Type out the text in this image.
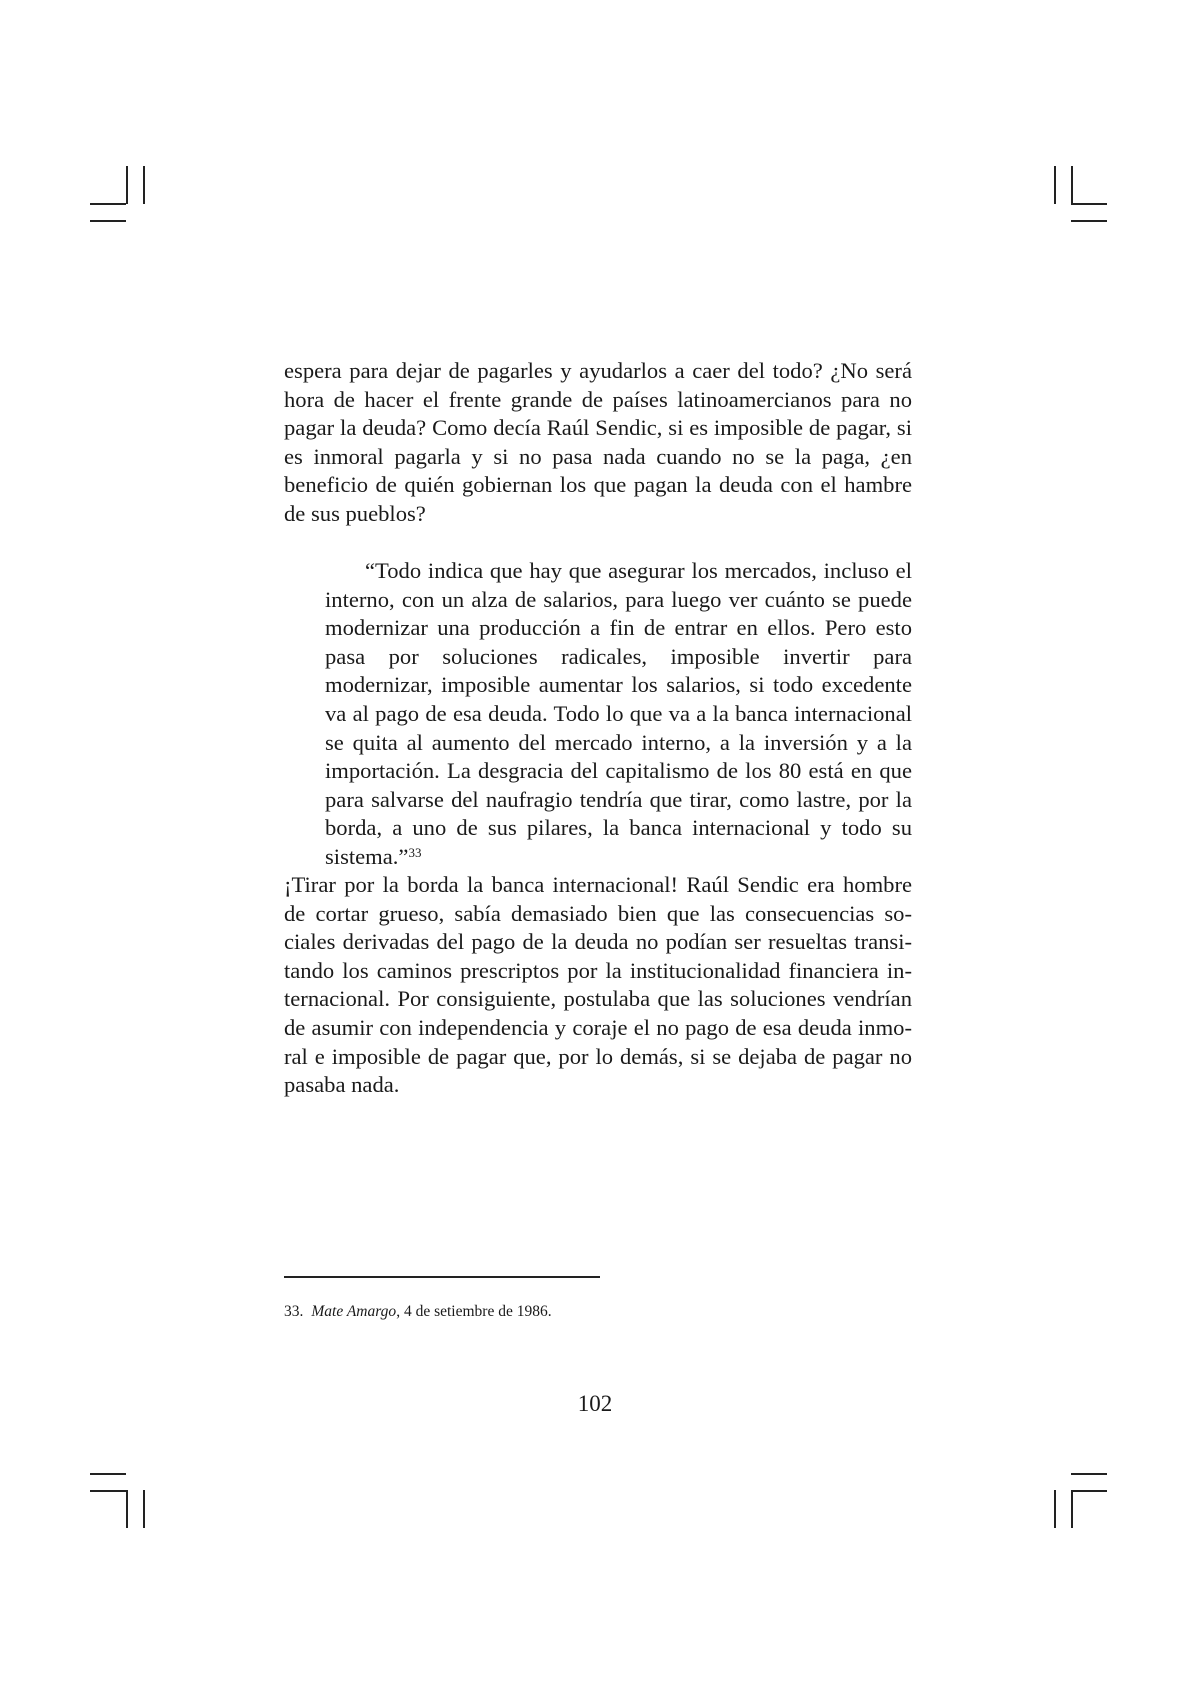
espera para dejar de pagarles y ayudarlos a caer del todo? ¿No será hora de hacer el frente grande de países latinoamercianos para no pagar la deuda? Como decía Raúl Sendic, si es imposible de pagar, si es inmoral pagarla y si no pasa nada cuando no se la paga, ¿en beneficio de quién gobiernan los que pagan la deuda con el hambre de sus pueblos?

“Todo indica que hay que asegurar los mercados, incluso el interno, con un alza de salarios, para luego ver cuánto se puede modernizar una producción a fin de entrar en ellos. Pero esto pasa por soluciones radicales, imposible invertir para modernizar, imposible aumentar los salarios, si todo excedente va al pago de esa deuda. Todo lo que va a la banca internacional se quita al aumento del mercado interno, a la inversión y a la importación. La desgracia del capitalismo de los 80 está en que para salvarse del naufragio tendría que tirar, como lastre, por la borda, a uno de sus pilares, la banca internacional y todo su sistema.”$^{33}$

¡Tirar por la borda la banca internacional! Raúl Sendic era hombre de cortar grueso, sabía demasiado bien que las consecuencias sociales derivadas del pago de la deuda no podían ser resueltas transitando los caminos prescriptos por la institucionalidad financiera internacional. Por consiguiente, postulaba que las soluciones vendrían de asumir con independencia y coraje el no pago de esa deuda inmoral e imposible de pagar que, por lo demás, si se dejaba de pagar no pasaba nada.

33. Mate Amargo, 4 de setiembre de 1986.
102
